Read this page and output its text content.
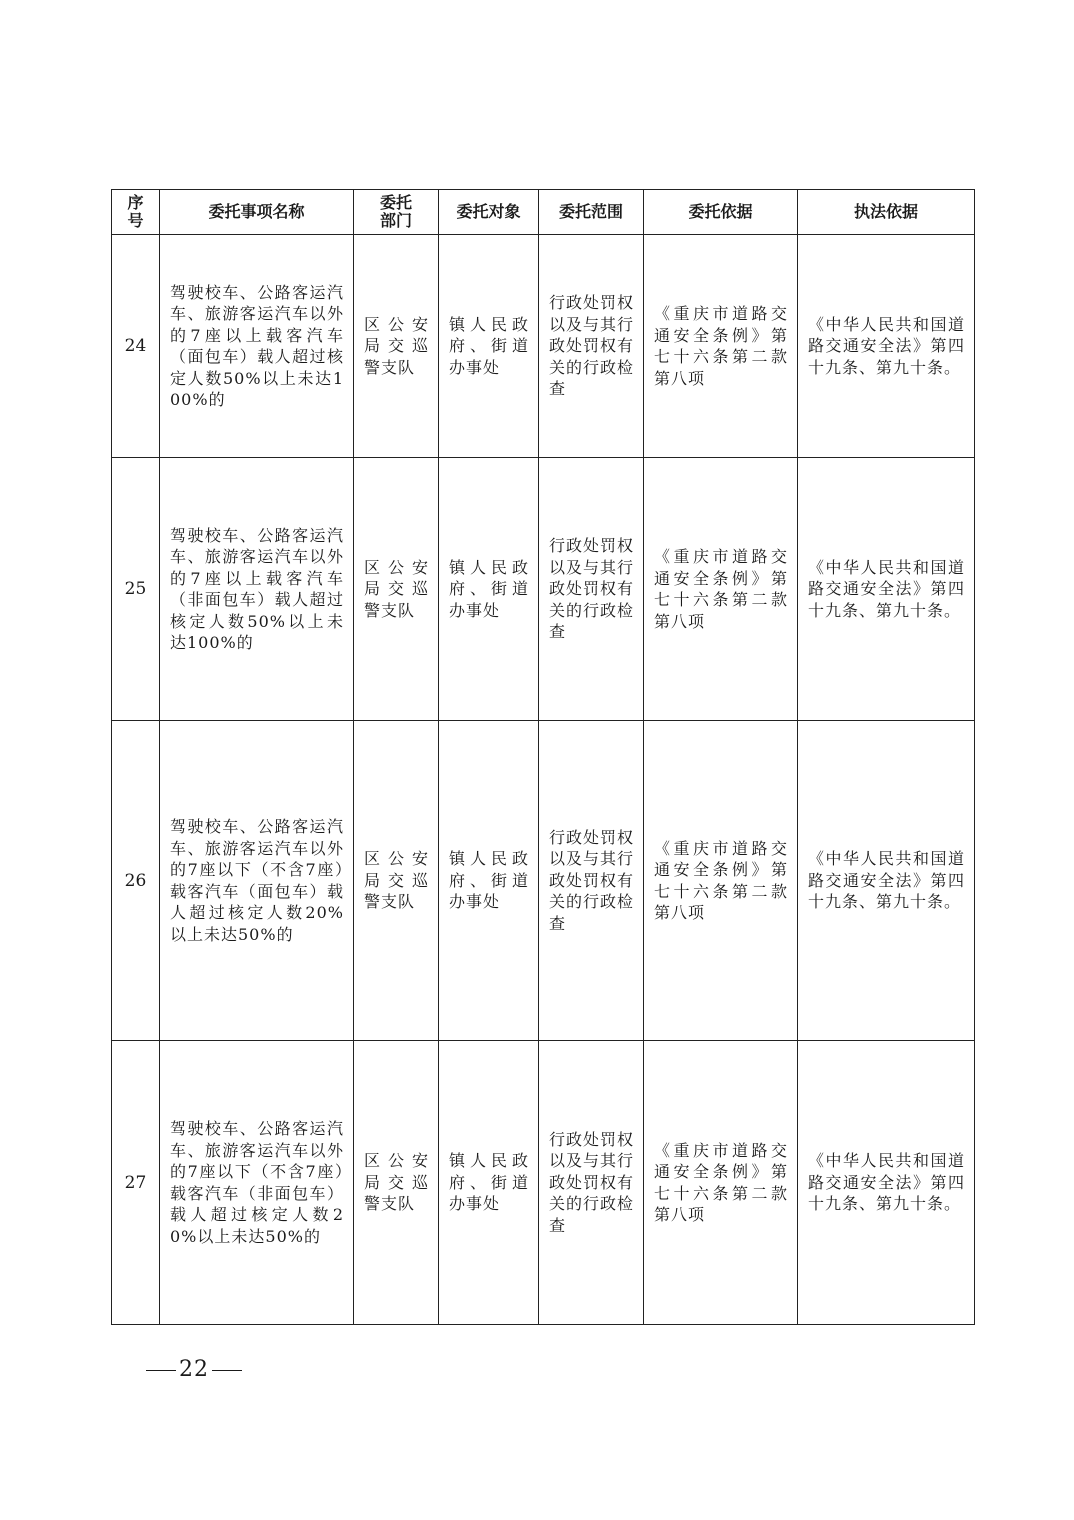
序号	委托事项名称	委托部门	委托对象	委托范围	委托依据	执法依据
24	驾驶校车、公路客运汽车、旅游客运汽车以外的7座以上载客汽车（面包车）载人超过核定人数50%以上未达100%的	区公安局交巡警支队	镇人民政府、街道办事处	行政处罚权以及与其行政处罚权有关的行政检查	《重庆市道路交通安全条例》第七十六条第二款第八项	《中华人民共和国道路交通安全法》第四十九条、第九十条。

25	驾驶校车、公路客运汽车、旅游客运汽车以外的7座以上载客汽车（非面包车）载人超过核定人数50%以上未达100%的	区公安局交巡警支队	镇人民政府、街道办事处	行政处罚权以及与其行政处罚权有关的行政检查	《重庆市道路交通安全条例》第七十六条第二款第八项	《中华人民共和国道路交通安全法》第四十九条、第九十条。

26	驾驶校车、公路客运汽车、旅游客运汽车以外的7座以下（不含7座）载客汽车（面包车）载人超过核定人数20%以上未达50%的	区公安局交巡警支队	镇人民政府、街道办事处	行政处罚权以及与其行政处罚权有关的行政检查	《重庆市道路交通安全条例》第七十六条第二款第八项	《中华人民共和国道路交通安全法》第四十九条、第九十条。

27	驾驶校车、公路客运汽车、旅游客运汽车以外的7座以下（不含7座）载客汽车（非面包车）载人超过核定人数20%以上未达50%的	区公安局交巡警支队	镇人民政府、街道办事处	行政处罚权以及与其行政处罚权有关的行政检查	《重庆市道路交通安全条例》第七十六条第二款第八项	《中华人民共和国道路交通安全法》第四十九条、第九十条。
22
